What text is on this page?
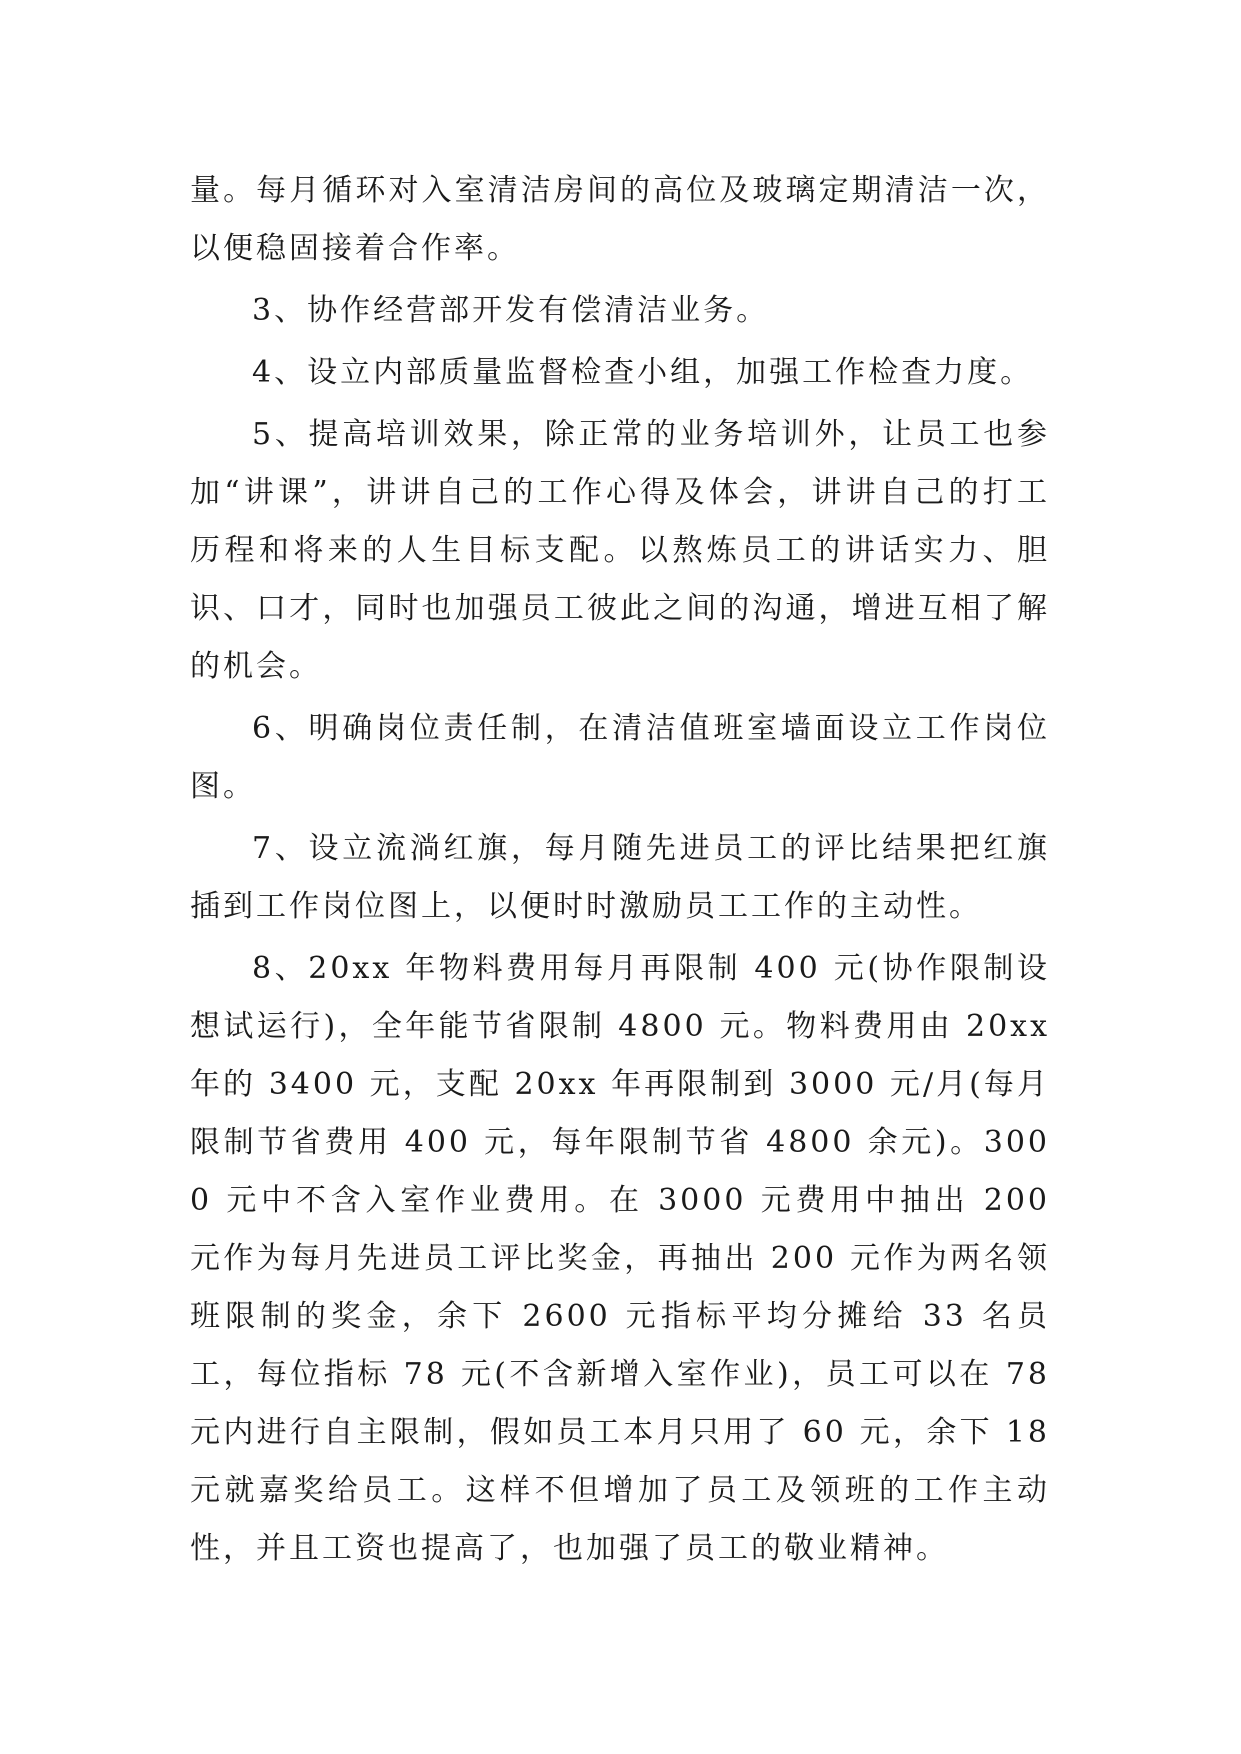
量。每月循环对入室清洁房间的高位及玻璃定期清洁一次，以便稳固接着合作率。

3、协作经营部开发有偿清洁业务。

4、设立内部质量监督检查小组，加强工作检查力度。

5、提高培训效果，除正常的业务培训外，让员工也参加“讲课”，讲讲自己的工作心得及体会，讲讲自己的打工历程和将来的人生目标支配。以熬炼员工的讲话实力、胆识、口才，同时也加强员工彼此之间的沟通，增进互相了解的机会。

6、明确岗位责任制，在清洁值班室墙面设立工作岗位图。

7、设立流淌红旗，每月随先进员工的评比结果把红旗插到工作岗位图上，以便时时激励员工工作的主动性。

8、20xx 年物料费用每月再限制 400 元(协作限制设想试运行)，全年能节省限制 4800 元。物料费用由 20xx 年的 3400 元，支配 20xx 年再限制到 3000 元/月(每月限制节省费用 400 元，每年限制节省 4800 余元)。3000 元中不含入室作业费用。在 3000 元费用中抽出 200 元作为每月先进员工评比奖金，再抽出 200 元作为两名领班限制的奖金，余下 2600 元指标平均分摊给 33 名员工，每位指标 78 元(不含新增入室作业)，员工可以在 78 元内进行自主限制，假如员工本月只用了 60 元，余下 18 元就嘉奖给员工。这样不但增加了员工及领班的工作主动性，并且工资也提高了，也加强了员工的敬业精神。
